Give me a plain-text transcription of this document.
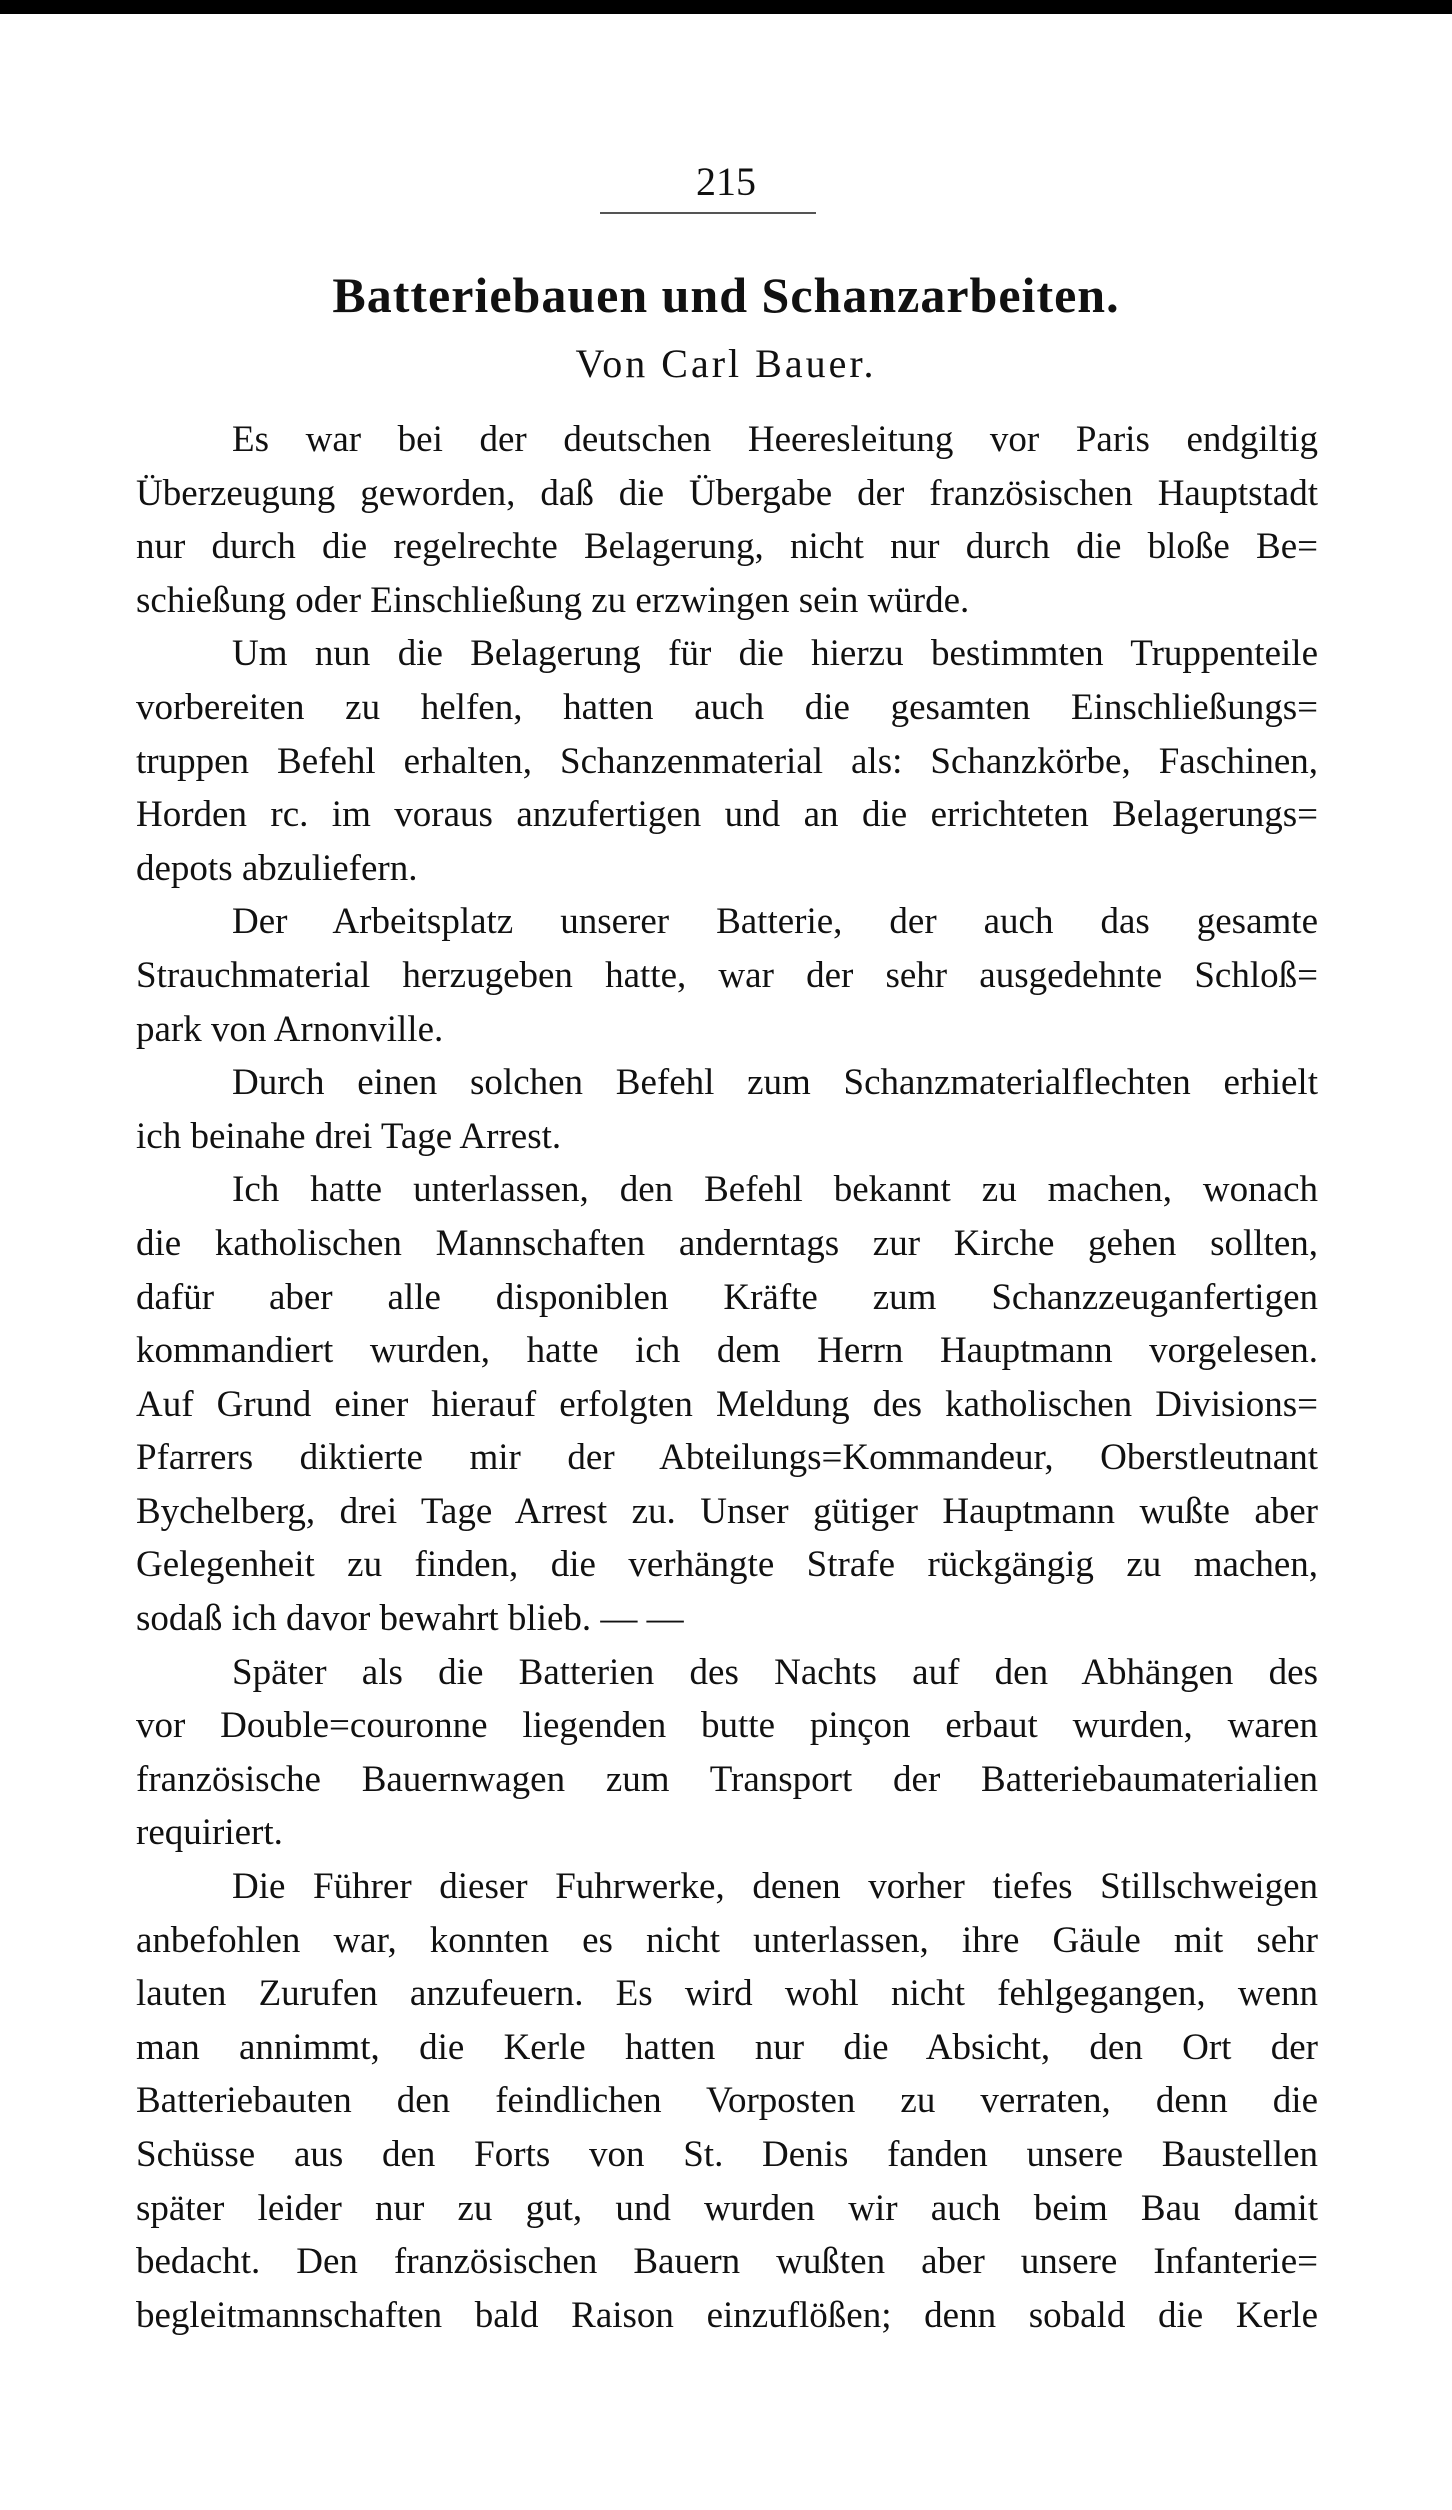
215
Batteriebauen und Schanzarbeiten.
Von Carl Bauer.
Es war bei der deutschen Heeresleitung vor Paris endgiltig
Überzeugung geworden, daß die Übergabe der französischen Hauptstadt
nur durch die regelrechte Belagerung, nicht nur durch die bloße Be=
schießung oder Einschließung zu erzwingen sein würde.
Um nun die Belagerung für die hierzu bestimmten Truppenteile
vorbereiten zu helfen, hatten auch die gesamten Einschließungs=
truppen Befehl erhalten, Schanzenmaterial als: Schanzkörbe, Faschinen,
Horden rc. im voraus anzufertigen und an die errichteten Belagerungs=
depots abzuliefern.
Der Arbeitsplatz unserer Batterie, der auch das gesamte
Strauchmaterial herzugeben hatte, war der sehr ausgedehnte Schloß=
park von Arnonville.
Durch einen solchen Befehl zum Schanzmaterialflechten erhielt
ich beinahe drei Tage Arrest.
Ich hatte unterlassen, den Befehl bekannt zu machen, wonach
die katholischen Mannschaften anderntags zur Kirche gehen sollten,
dafür aber alle disponiblen Kräfte zum Schanzzeuganfertigen
kommandiert wurden, hatte ich dem Herrn Hauptmann vorgelesen.
Auf Grund einer hierauf erfolgten Meldung des katholischen Divisions=
Pfarrers diktierte mir der Abteilungs=Kommandeur, Oberstleutnant
Bychelberg, drei Tage Arrest zu. Unser gütiger Hauptmann wußte aber
Gelegenheit zu finden, die verhängte Strafe rückgängig zu machen,
sodaß ich davor bewahrt blieb. — —
Später als die Batterien des Nachts auf den Abhängen des
vor Double=couronne liegenden butte pinçon erbaut wurden, waren
französische Bauernwagen zum Transport der Batteriebaumaterialien
requiriert.
Die Führer dieser Fuhrwerke, denen vorher tiefes Stillschweigen
anbefohlen war, konnten es nicht unterlassen, ihre Gäule mit sehr
lauten Zurufen anzufeuern. Es wird wohl nicht fehlgegangen, wenn
man annimmt, die Kerle hatten nur die Absicht, den Ort der
Batteriebauten den feindlichen Vorposten zu verraten, denn die
Schüsse aus den Forts von St. Denis fanden unsere Baustellen
später leider nur zu gut, und wurden wir auch beim Bau damit
bedacht. Den französischen Bauern wußten aber unsere Infanterie=
begleitmannschaften bald Raison einzuflößen; denn sobald die Kerle
